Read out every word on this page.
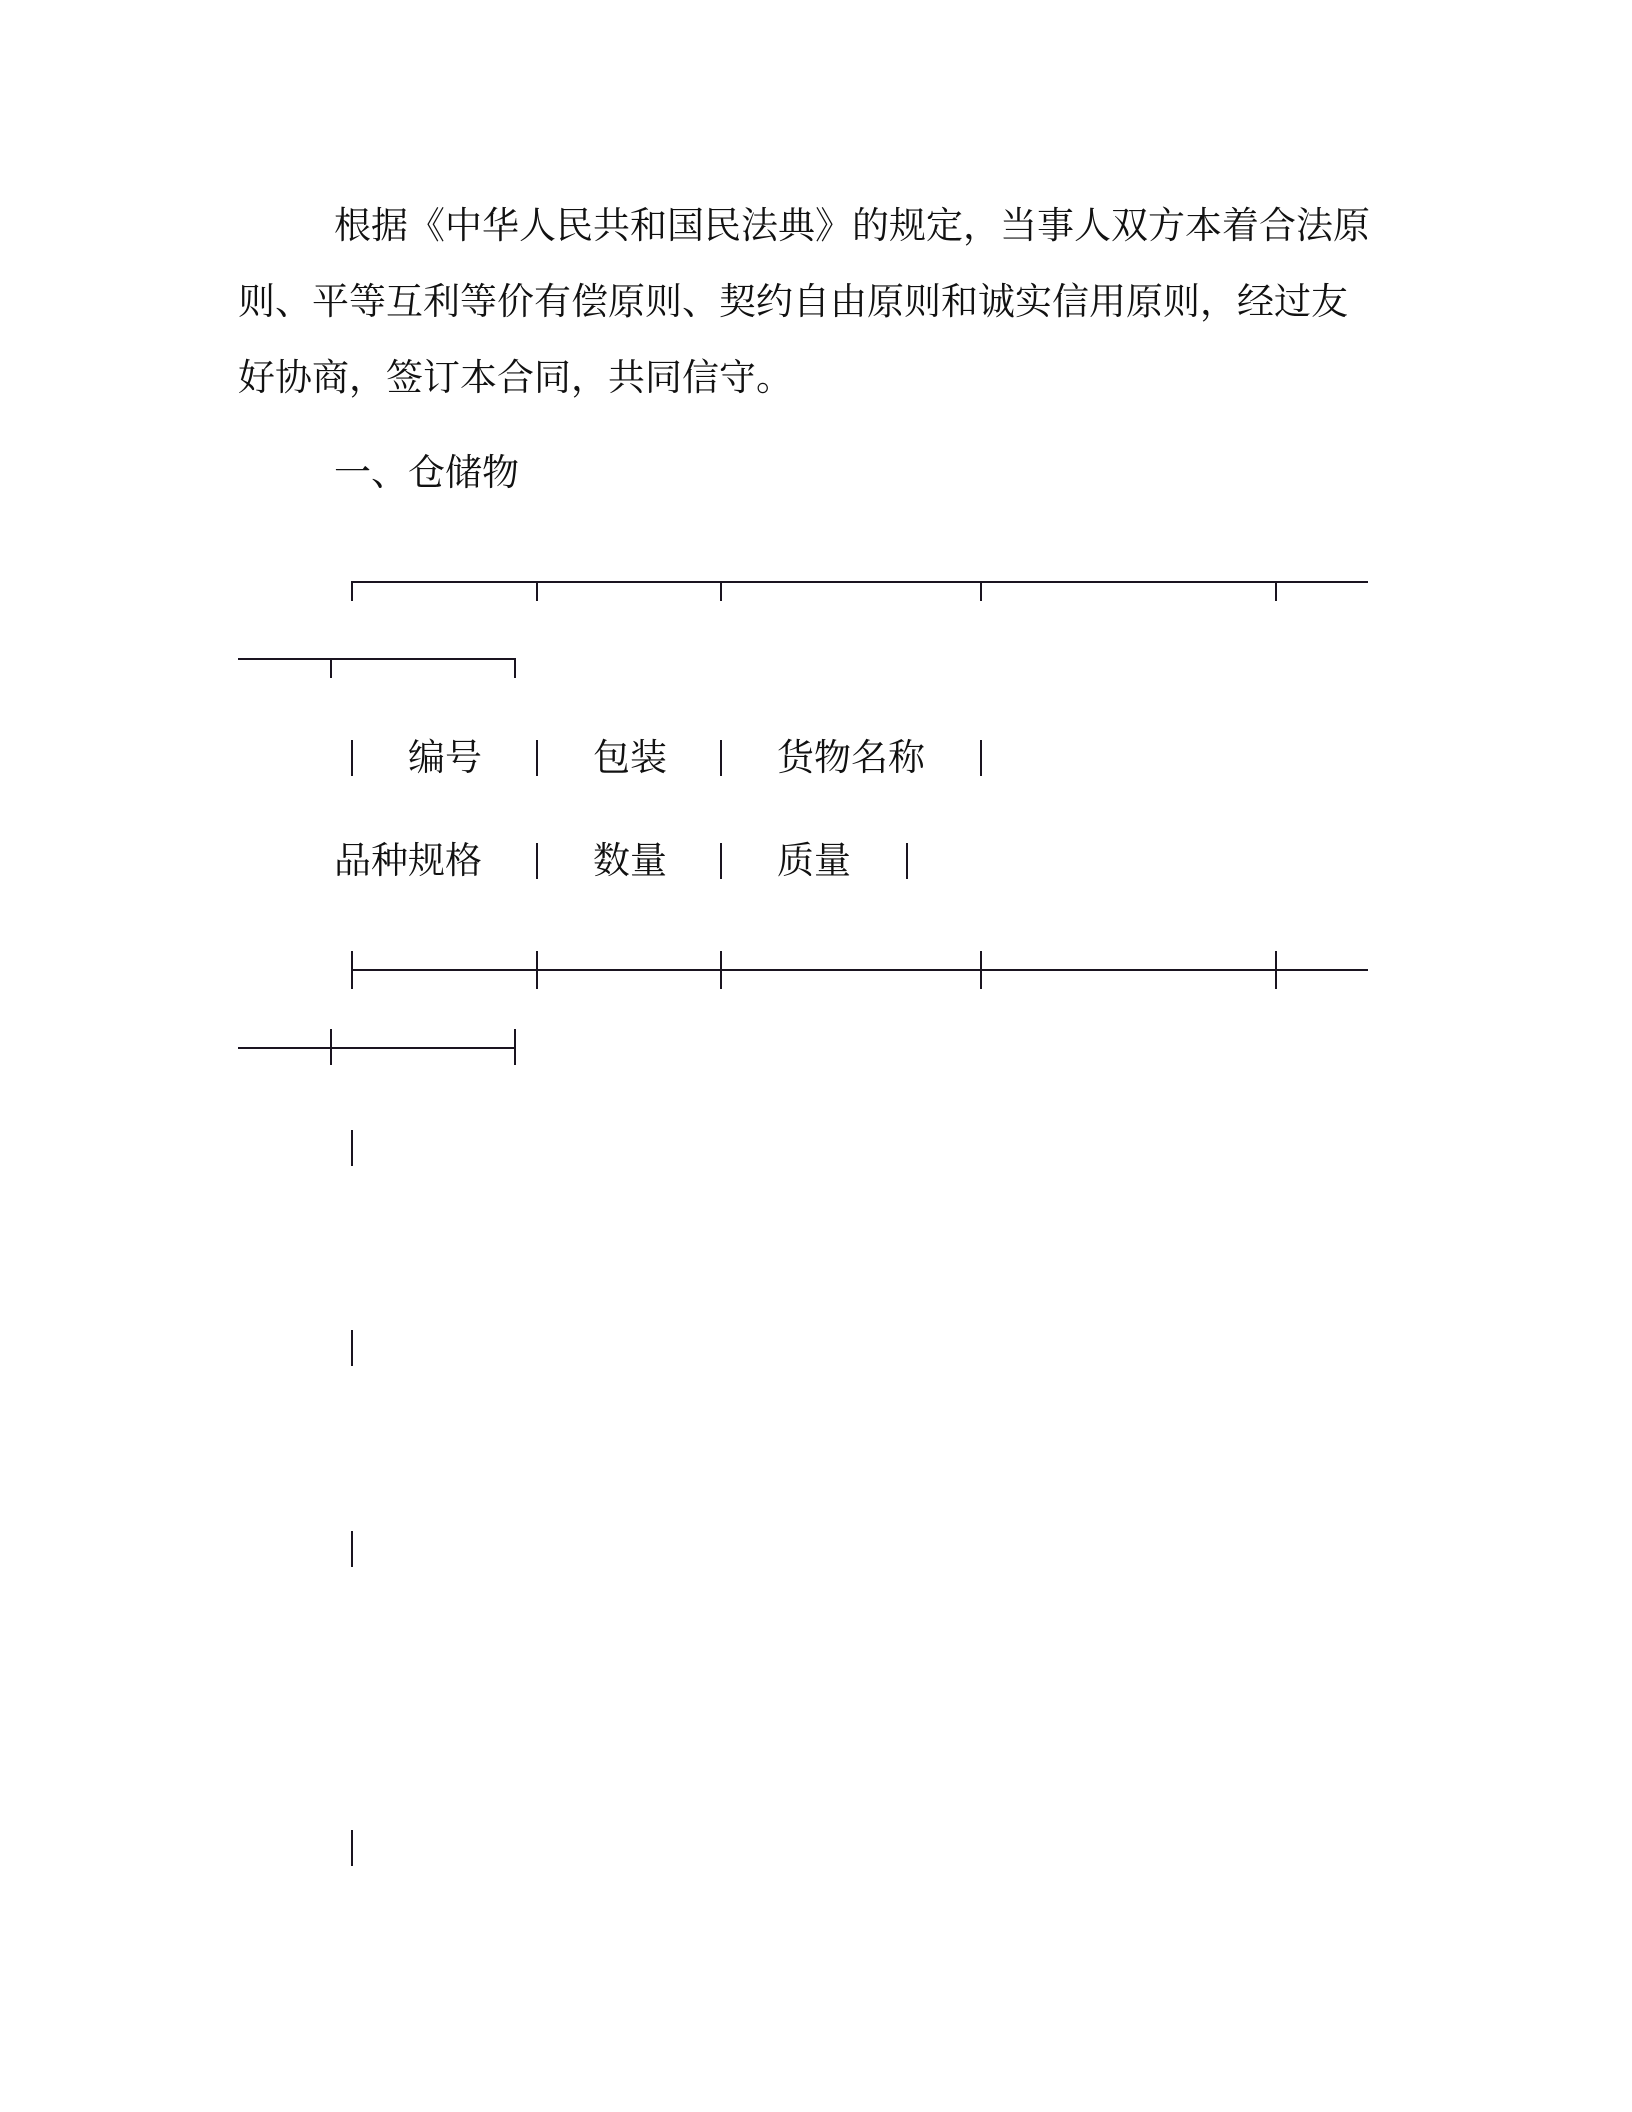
根据《中华人民共和国民法典》的规定，当事人双方本着合法原
则、平等互利等价有偿原则、契约自由原则和诚实信用原则，经过友
好协商，签订本合同，共同信守。
一、仓储物
编号	包装	货物名称
品种规格	数量	质量
